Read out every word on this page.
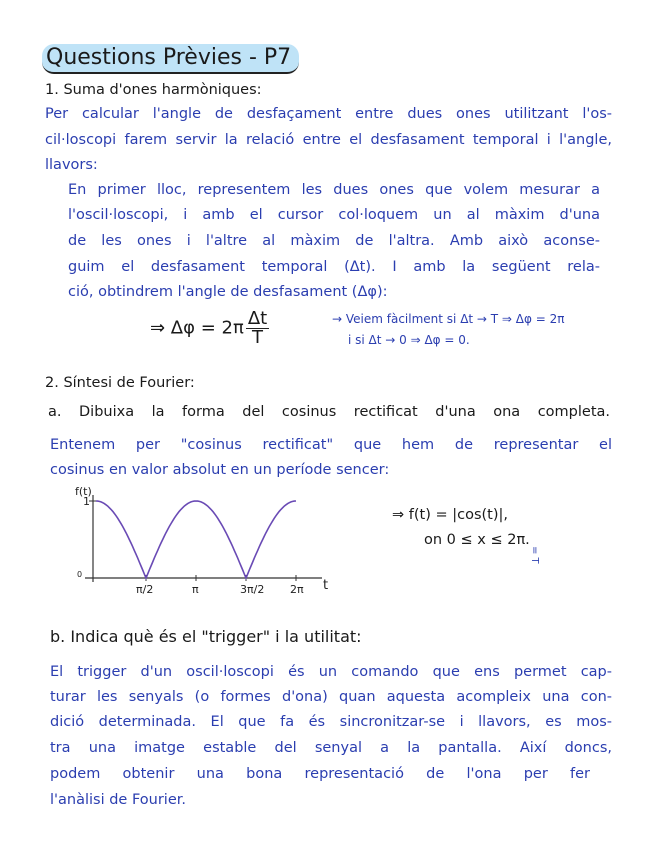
Questions Prèvies - P7
1. Suma d'ones harmòniques:
Per calcular l'angle de desfaçament entre dues ones utilitzant l'os-
cil·loscopi farem servir la relació entre el desfasament temporal i l'angle,
llavors:
En primer lloc, representem les dues ones que volem mesurar a
l'oscil·loscopi, i amb el cursor col·loquem un al màxim d'una
de les ones i l'altre al màxim de l'altra. Amb això aconse-
guim el desfasament temporal (Δt). I amb la següent rela-
ció, obtindrem l'angle de desfasament (Δφ):
⇒ $\Delta\varphi = 2\pi \frac{\Delta t}{T}$	→ Veiem fàcilment si Δt → T ⇒ Δφ = 2π
i si Δt → 0 ⇒ Δφ = 0.
2. Síntesi de Fourier:
a. Dibuixa la forma del cosinus rectificat d'una ona completa.
Entenem per "cosinus rectificat" que hem de representar el
cosinus en valor absolut en un període sencer:
f(t)
1
0
π/2	π	3π/2 2π t
⇒ f(t) = |cos(t)|,
on 0 ≤ x ≤ 2π.
= T
b. Indica què és el "trigger" i la utilitat:
El trigger d'un oscil·loscopi és un comando que ens permet cap-
turar les senyals (o formes d'ona) quan aquesta acompleix una con-
dició determinada. El que fa és sincronitzar-se i llavors, es mos-
tra una imatge estable del senyal a la pantalla. Així doncs,
podem obtenir una bona representació de l'ona per fer
l'anàlisi de Fourier.
